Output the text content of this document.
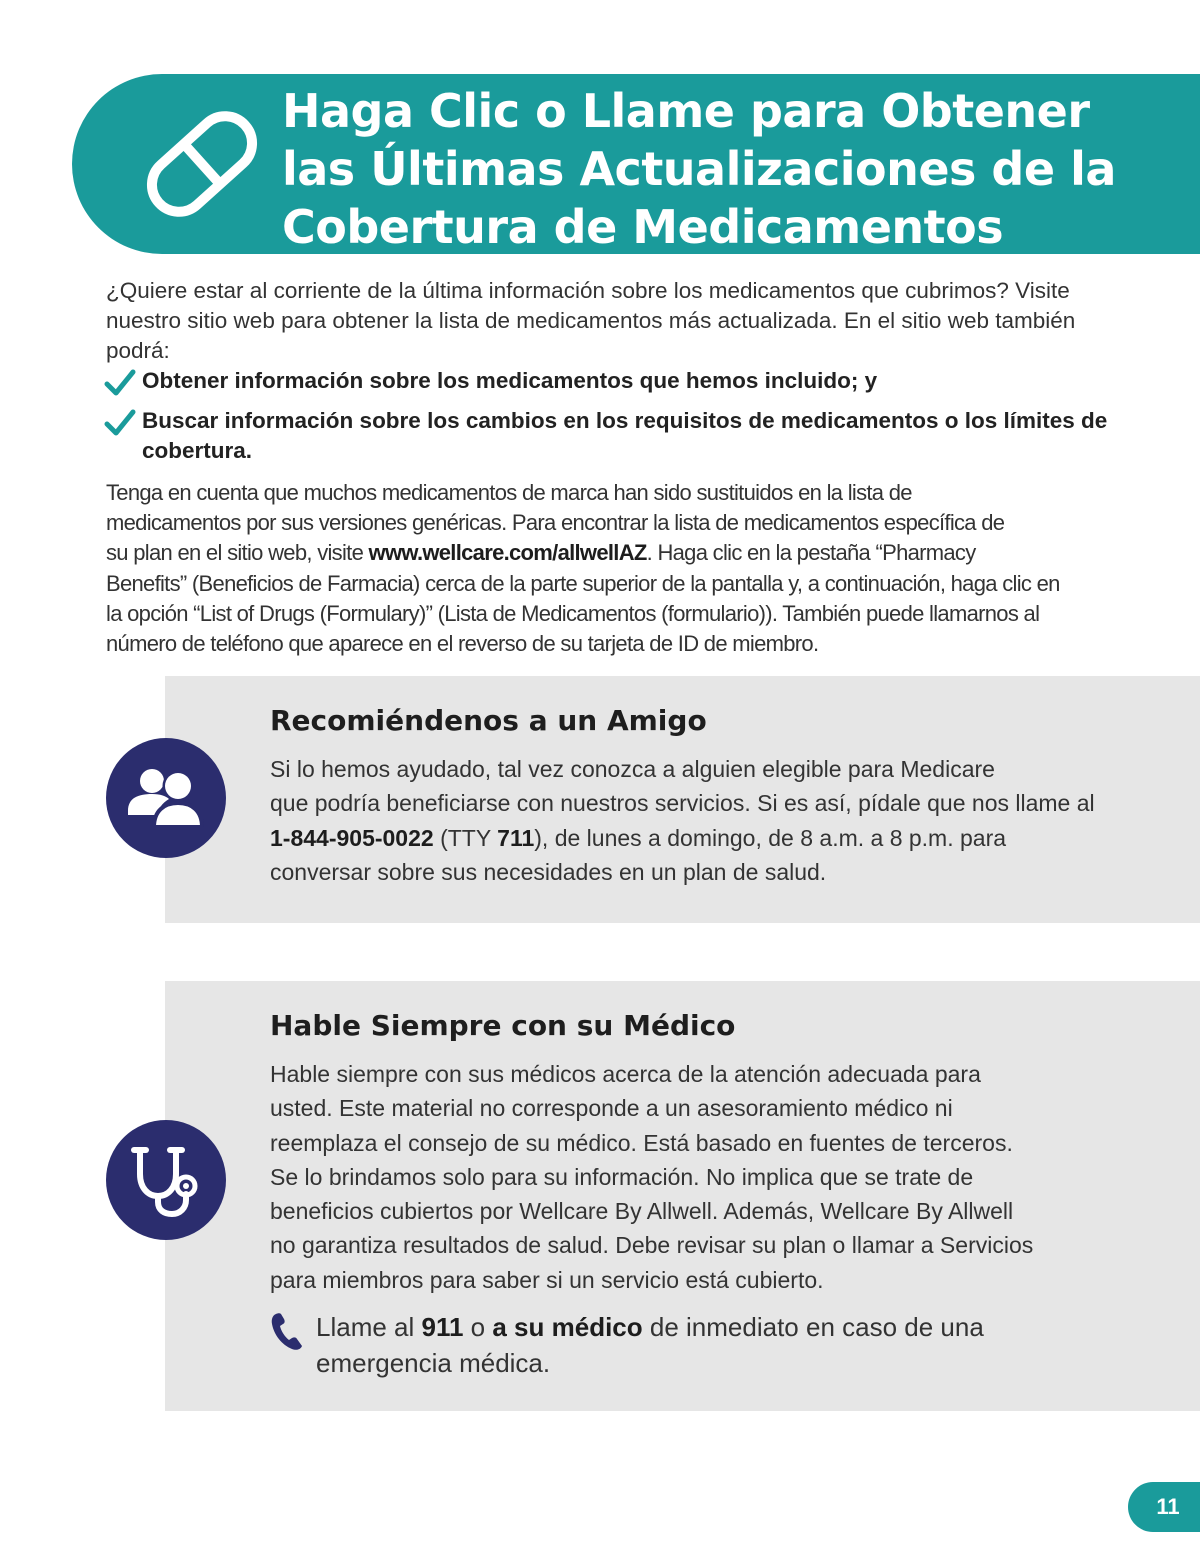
Haga Clic o Llame para Obtener
las Últimas Actualizaciones de la
Cobertura de Medicamentos

¿Quiere estar al corriente de la última información sobre los medicamentos que cubrimos? Visite nuestro sitio web para obtener la lista de medicamentos más actualizada. En el sitio web también podrá:

Obtener información sobre los medicamentos que hemos incluido; y
Buscar información sobre los cambios en los requisitos de medicamentos o los límites de cobertura.

Tenga en cuenta que muchos medicamentos de marca han sido sustituidos en la lista de
medicamentos por sus versiones genéricas. Para encontrar la lista de medicamentos específica de
su plan en el sitio web, visite www.wellcare.com/allwellAZ. Haga clic en la pestaña “Pharmacy
Benefits” (Beneficios de Farmacia) cerca de la parte superior de la pantalla y, a continuación, haga clic en
la opción “List of Drugs (Formulary)” (Lista de Medicamentos (formulario)). También puede llamarnos al
número de teléfono que aparece en el reverso de su tarjeta de ID de miembro.

Recomiéndenos a un Amigo

Si lo hemos ayudado, tal vez conozca a alguien elegible para Medicare
que podría beneficiarse con nuestros servicios. Si es así, pídale que nos llame al
1-844-905-0022 (TTY 711), de lunes a domingo, de 8 a.m. a 8 p.m. para
conversar sobre sus necesidades en un plan de salud.

Hable Siempre con su Médico

Hable siempre con sus médicos acerca de la atención adecuada para
usted. Este material no corresponde a un asesoramiento médico ni
reemplaza el consejo de su médico. Está basado en fuentes de terceros.
Se lo brindamos solo para su información. No implica que se trate de
beneficios cubiertos por Wellcare By Allwell. Además, Wellcare By Allwell
no garantiza resultados de salud. Debe revisar su plan o llamar a Servicios
para miembros para saber si un servicio está cubierto.

Llame al 911 o a su médico de inmediato en caso de una emergencia médica.

11
